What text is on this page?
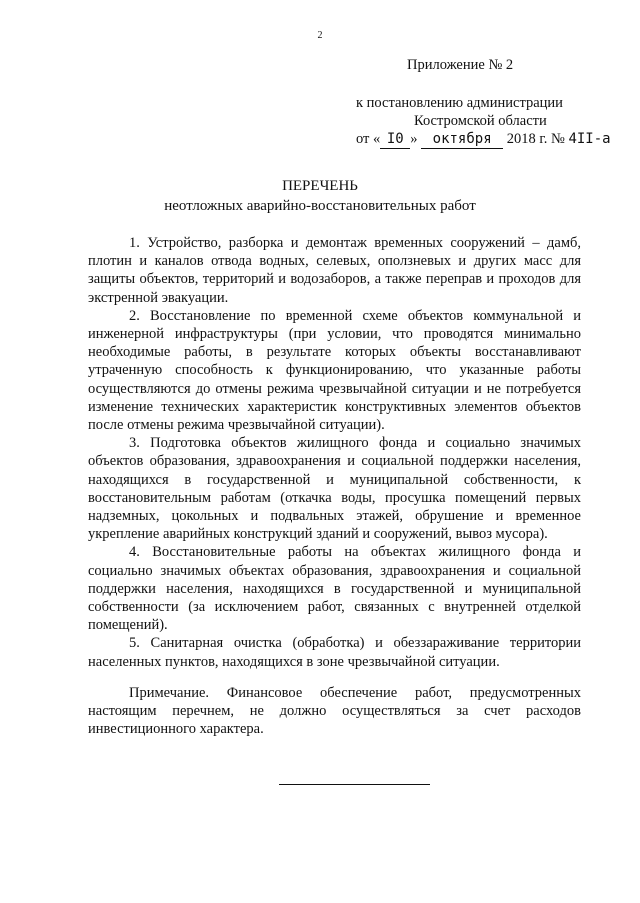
2
Приложение № 2
к постановлению администрации
Костромской области
от « I0 » октября 2018 г. № 4II-а
ПЕРЕЧЕНЬ
неотложных аварийно-восстановительных работ

1. Устройство, разборка и демонтаж временных сооружений – дамб, плотин и каналов отвода водных, селевых, оползневых и других масс для защиты объектов, территорий и водозаборов, а также переправ и проходов для экстренной эвакуации.

2. Восстановление по временной схеме объектов коммунальной и инженерной инфраструктуры (при условии, что проводятся минимально необходимые работы, в результате которых объекты восстанавливают утраченную способность к функционированию, что указанные работы осуществляются до отмены режима чрезвычайной ситуации и не потребуется изменение технических характеристик конструктивных элементов объектов после отмены режима чрезвычайной ситуации).

3. Подготовка объектов жилищного фонда и социально значимых объектов образования, здравоохранения и социальной поддержки населения, находящихся в государственной и муниципальной собственности, к восстановительным работам (откачка воды, просушка помещений первых надземных, цокольных и подвальных этажей, обрушение и временное укрепление аварийных конструкций зданий и сооружений, вывоз мусора).

4. Восстановительные работы на объектах жилищного фонда и социально значимых объектах образования, здравоохранения и социальной поддержки населения, находящихся в государственной и муниципальной собственности (за исключением работ, связанных с внутренней отделкой помещений).

5. Санитарная очистка (обработка) и обеззараживание территории населенных пунктов, находящихся в зоне чрезвычайной ситуации.

Примечание. Финансовое обеспечение работ, предусмотренных настоящим перечнем, не должно осуществляться за счет расходов инвестиционного характера.
